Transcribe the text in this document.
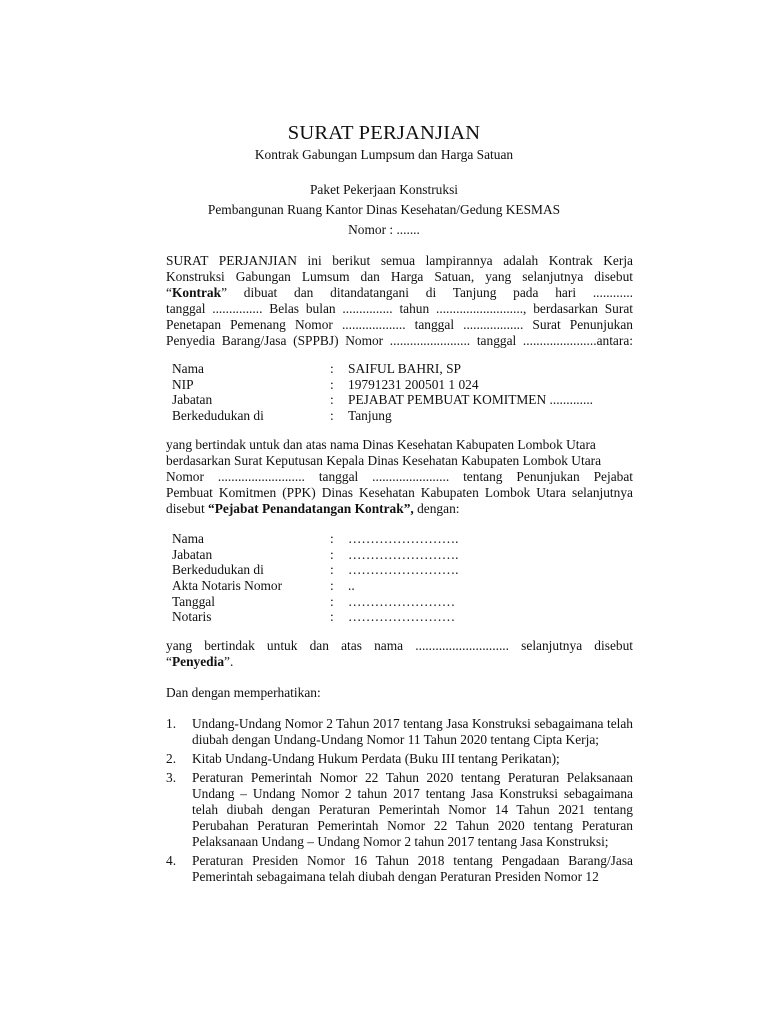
SURAT PERJANJIAN
Kontrak Gabungan Lumpsum dan Harga Satuan
Paket Pekerjaan Konstruksi
Pembangunan Ruang Kantor Dinas Kesehatan/Gedung KESMAS
Nomor : .......

SURAT PERJANJIAN ini berikut semua lampirannya adalah Kontrak Kerja

Konstruksi Gabungan Lumsum dan Harga Satuan, yang selanjutnya disebut

“Kontrak” dibuat dan ditandatangani di Tanjung pada hari ............

tanggal ............... Belas bulan ............... tahun .........................., berdasarkan Surat

Penetapan Pemenang Nomor ................... tanggal .................. Surat Penunjukan

Penyedia Barang/Jasa (SPPBJ) Nomor ........................ tanggal ......................antara:

Nama	:	SAIFUL BAHRI, SP
NIP	:	19791231 200501 1 024
Jabatan	:	PEJABAT PEMBUAT KOMITMEN .............
Berkedudukan di	:	Tanjung

yang bertindak untuk dan atas nama Dinas Kesehatan Kabupaten Lombok Utara

berdasarkan Surat Keputusan Kepala Dinas Kesehatan Kabupaten Lombok Utara

Nomor .......................... tanggal ....................... tentang Penunjukan Pejabat

Pembuat Komitmen (PPK) Dinas Kesehatan Kabupaten Lombok Utara selanjutnya

disebut “Pejabat Penandatangan Kontrak”, dengan:

Nama	:	…………………….
Jabatan	:	…………………….
Berkedudukan di	:	…………………….
Akta Notaris Nomor	:	..
Tanggal	:	……………………
Notaris	:	……………………

yang bertindak untuk dan atas nama ............................ selanjutnya disebut

“Penyedia”.

Dan dengan memperhatikan:

1.	Undang-Undang Nomor 2 Tahun 2017 tentang Jasa Konstruksi sebagaimana telah diubah dengan Undang-Undang Nomor 11 Tahun 2020 tentang Cipta Kerja;
2.	Kitab Undang-Undang Hukum Perdata (Buku III tentang Perikatan);
3.	Peraturan Pemerintah Nomor 22 Tahun 2020 tentang Peraturan Pelaksanaan Undang – Undang Nomor 2 tahun 2017 tentang Jasa Konstruksi sebagaimana telah diubah dengan Peraturan Pemerintah Nomor 14 Tahun 2021 tentang Perubahan Peraturan Pemerintah Nomor 22 Tahun 2020 tentang Peraturan Pelaksanaan Undang – Undang Nomor 2 tahun 2017 tentang Jasa Konstruksi;
4.	Peraturan Presiden Nomor 16 Tahun 2018 tentang Pengadaan Barang/Jasa Pemerintah sebagaimana telah diubah dengan Peraturan Presiden Nomor 12
